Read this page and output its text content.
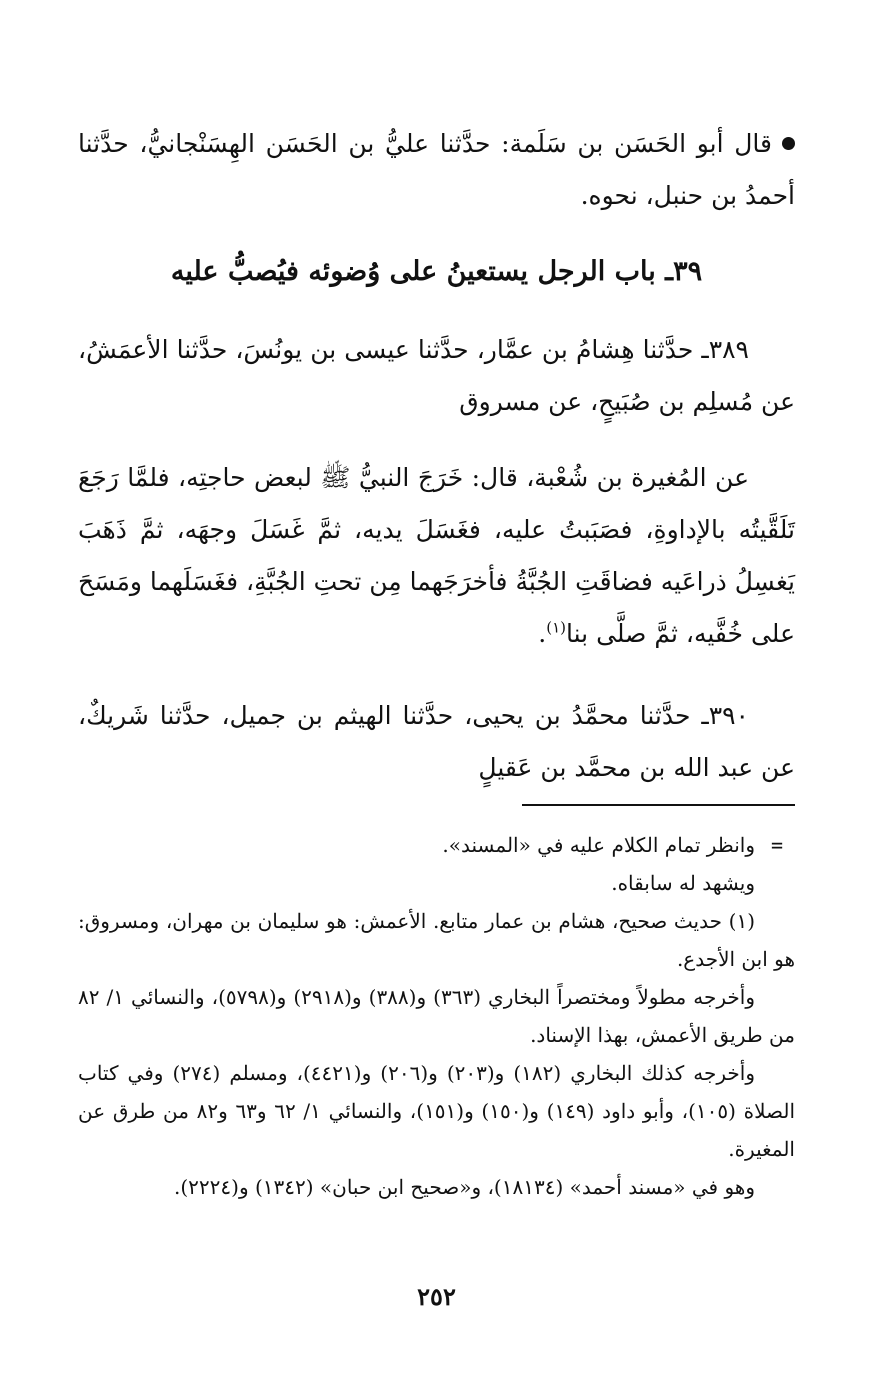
قال أبو الحَسَن بن سَلَمة: حدَّثنا عليُّ بن الحَسَن الهِسَنْجانيُّ، حدَّثنا أحمدُ بن حنبل، نحوه.
٣٩ـ باب الرجل يستعينُ على وُضوئه فيُصبُّ عليه
٣٨٩ـ حدَّثنا هِشامُ بن عمَّار، حدَّثنا عيسى بن يونُسَ، حدَّثنا الأعمَشُ، عن مُسلِم بن صُبَيحٍ، عن مسروق
عن المُغيرة بن شُعْبة، قال: خَرَجَ النبيُّ ﷺ لبعض حاجتِه، فلمَّا رَجَعَ تَلَقَّيتُه بالإداوةِ، فصَبَبتُ عليه، فغَسَلَ يديه، ثمَّ غَسَلَ وجهَه، ثمَّ ذَهَبَ يَغسِلُ ذراعَيه فضاقَتِ الجُبَّةُ فأخرَجَهما مِن تحتِ الجُبَّةِ، فغَسَلَهما ومَسَحَ على خُفَّيه، ثمَّ صلَّى بنا$^{(١)}$.
٣٩٠ـ حدَّثنا محمَّدُ بن يحيى، حدَّثنا الهيثم بن جميل، حدَّثنا شَريكٌ، عن عبد الله بن محمَّد بن عَقيلٍ

=
وانظر تمام الكلام عليه في «المسند».

ويشهد له سابقاه.

(١) حديث صحيح، هشام بن عمار متابع. الأعمش: هو سليمان بن مهران، ومسروق: هو ابن الأجدع.

وأخرجه مطولاً ومختصراً البخاري (٣٦٣) و(٣٨٨) و(٢٩١٨) و(٥٧٩٨)، والنسائي ١/ ٨٢ من طريق الأعمش، بهذا الإسناد.

وأخرجه كذلك البخاري (١٨٢) و(٢٠٣) و(٢٠٦) و(٤٤٢١)، ومسلم (٢٧٤) وفي كتاب الصلاة (١٠٥)، وأبو داود (١٤٩) و(١٥٠) و(١٥١)، والنسائي ١/ ٦٢ و٦٣ و٨٢ من طرق عن المغيرة.

وهو في «مسند أحمد» (١٨١٣٤)، و«صحيح ابن حبان» (١٣٤٢) و(٢٢٢٤).

٢٥٢
